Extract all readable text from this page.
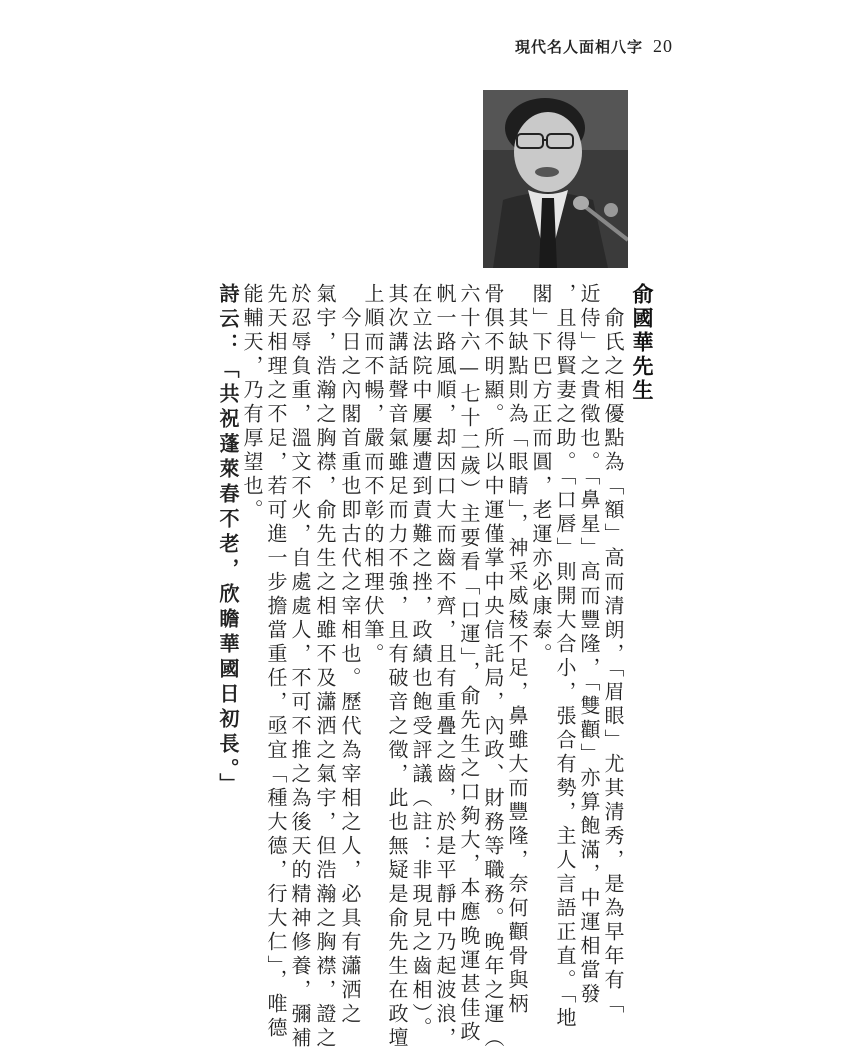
現代名人面相八字 20
俞國華先生
　俞氏之相優點為「額」高而清朗，「眉眼」尤其清秀，是為早年有「
近侍」之貴徵也。「鼻星」高而豐隆，「雙顴」亦算飽滿，中運相當發
，且得賢妻之助。「口唇」則開大合小，張合有勢，主人言語正直。「地
閣」下巴方正而圓，老運亦必康泰。
　其缺點則為「眼睛」，神采威稜不足，鼻雖大而豐隆，奈何顴骨與柄
骨俱不明顯。所以中運僅掌中央信託局，內政、財務等職務。晚年之運（
六十六—七十二歲）主要看「口運」，俞先生之口夠大，本應晚運甚佳政
帆一路風順，却因口大而齒不齊，且有重疊之齒，於是平靜中乃起波浪，
在立法院中屢屢遭到責難之挫，政績也飽受評議（註：非現見之齒相）。
其次講話聲音氣雖足而力不強，且有破音之徵，此也無疑是俞先生在政壇
上順而不暢，嚴而不彰的相理伏筆。
　今日之內閣首重也即古代之宰相也。歷代為宰相之人，必具有瀟洒之
氣宇，浩瀚之胸襟，俞先生之相雖不及瀟洒之氣宇，但浩瀚之胸襟，證之
於忍辱負重，溫文不火，自處處人，不可不推之為後天的精神修養，彌補
先天相理之不足，若可進一步擔當重任，亟宜「種大德，行大仁」，唯德
能輔天，乃有厚望也。
詩云：「共祝蓬萊春不老，欣瞻華國日初長。」
